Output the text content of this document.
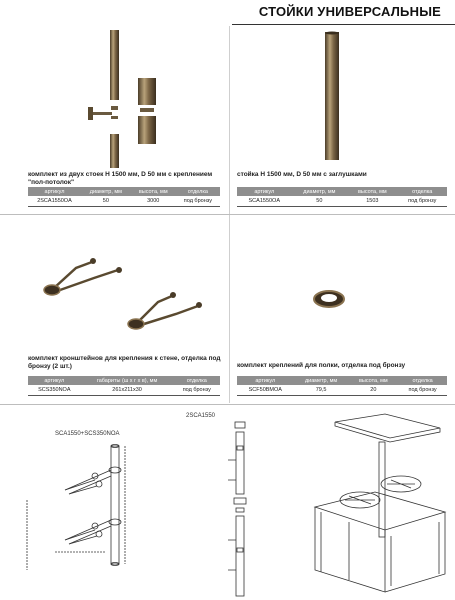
СТОЙКИ УНИВЕРСАЛЬНЫЕ
комплект из двух стоек H 1500 мм, D 50 мм с креплением "пол-потолок"
артикул	диаметр, мм	высота, мм	отделка
2SCA1550OA	50	3000	под бронзу
стойка H 1500 мм, D 50 мм с заглушками
артикул	диаметр, мм	высота, мм	отделка
SCA1550OA	50	1503	под бронзу
комплект кронштейнов для крепления к стене, отделка под бронзу (2 шт.)
артикул	габариты (ш х г х в), мм	отделка
SCS350NOA	261x211x30	под бронзу
комплект креплений для полки, отделка под бронзу
артикул	диаметр, мм	высота, мм	отделка
SCF50BMOA	79,5	20	под бронзу
SCA1550+SCS350NOA
2SCA1550
